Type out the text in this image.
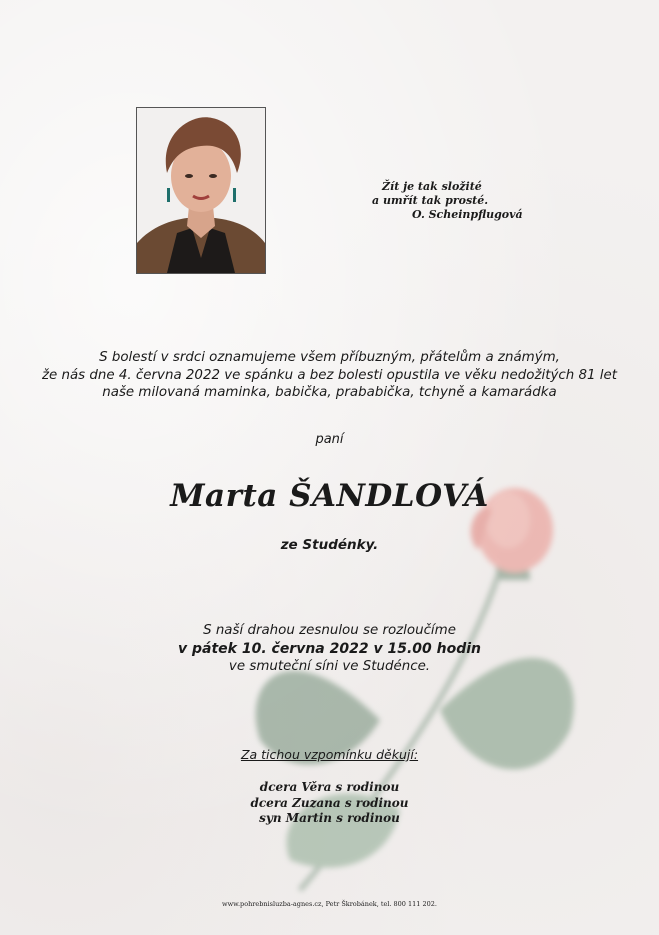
Žít je tak složité
a umřít tak prosté.
O. Scheinpflugová
S bolestí v srdci oznamujeme všem příbuzným, přátelům a známým,
že nás dne 4. června 2022 ve spánku a bez bolesti opustila ve věku nedožitých 81 let
naše milovaná maminka, babička, prababička, tchyně a kamarádka
paní
Marta ŠANDLOVÁ
ze Studénky.
S naší drahou zesnulou se rozloučíme
v pátek 10. června 2022 v 15.00 hodin
ve smuteční síni ve Studénce.
Za tichou vzpomínku děkují:
dcera Věra s rodinou
dcera Zuzana s rodinou
syn Martin s rodinou
www.pohrebnisluzba-agnes.cz, Petr Škrobánek, tel. 800 111 202.
